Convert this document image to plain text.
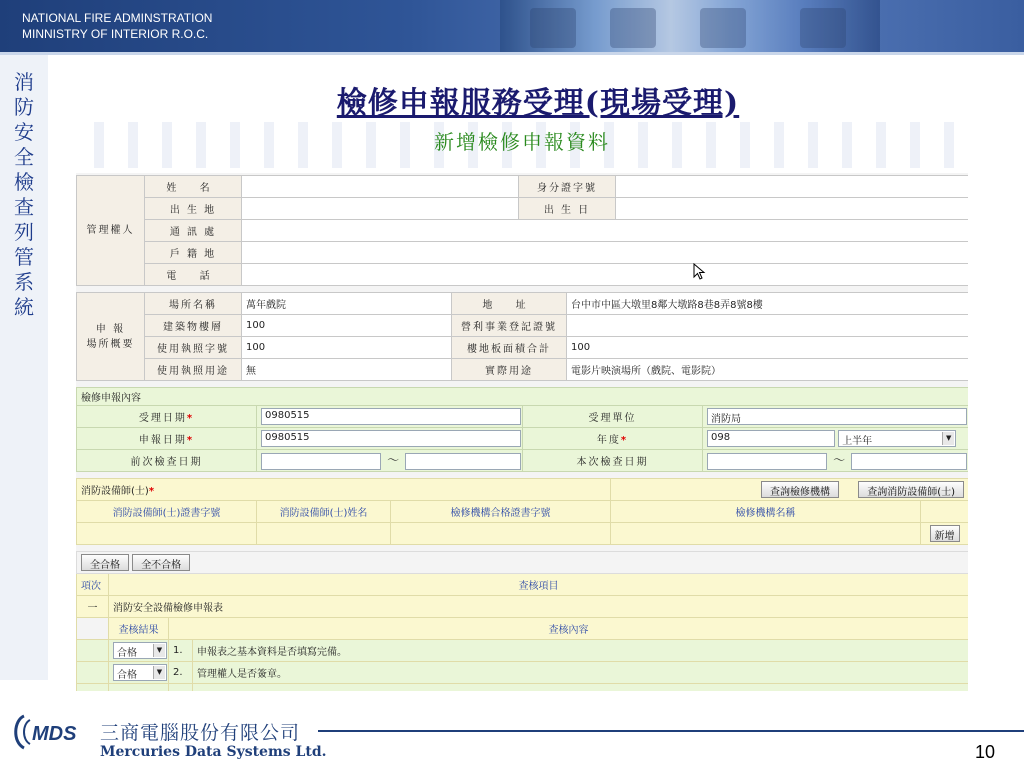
NATIONAL FIRE ADMINSTRATION
MINNISTRY OF INTERIOR R.O.C.
消防安全檢查列管系統
檢修申報服務受理(現場受理)
新增檢修申報資料
管理權人	姓 名		身分證字號	
	出 生 地		出 生 日	
	通 訊 處			
	戶 籍 地			
	電 話			
申 報
場所概要	場所名稱	萬年戲院	地 址	台中市中區大墩里8鄰大墩路8巷8弄8號8樓
	建築物樓層	100	營利事業登記證號	
	使用執照字號	100	樓地板面積合計	100
	使用執照用途	無	實際用途	電影片映演場所（戲院、電影院）
檢修申報內容			
受理日期*	0980515	受理單位	消防局
申報日期*	0980515	年度*	098 上半年 ▼

前次檢查日期	～	本次檢查日期	～
消防設備師(士)*			查詢檢修機構 查詢消防設備師(士)	
消防設備師(士)證書字號	消防設備師(士)姓名	檢修機構合格證書字號	檢修機構名稱	
				新增
全合格 全不合格			
項次	查核項目		
一	消防安全設備檢修申報表		
	查核結果	查核內容	
	合格 ▼	1.	申報表之基本資料是否填寫完備。
	合格 ▼	2.	管理權人是否簽章。

MDS 三商電腦股份有限公司
Mercuries Data Systems Ltd.	10
